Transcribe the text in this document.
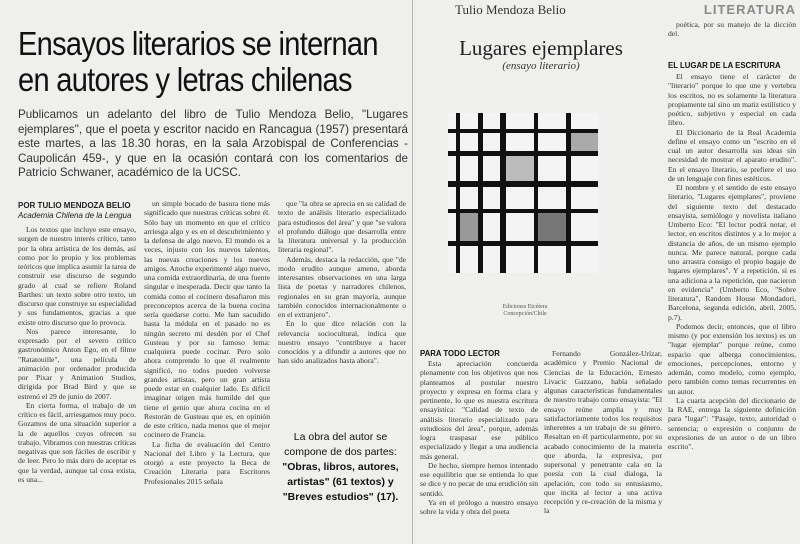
LITERATURA
Ensayos literarios se internan
en autores y letras chilenas
Publicamos un adelanto del libro de Tulio Mendoza Belio, "Lugares ejemplares", que el poeta y escritor nacido en Rancagua (1957) presentará este martes, a las 18.30 horas, en la sala Arzobispal de Conferencias -Caupolicán 459-, y que en la ocasión contará con los comentarios de Patricio Schwaner, académico de la UCSC.
POR TULIO MENDOZA BELIO
Academia Chilena de la Lengua

Los textos que incluye este ensayo, surgen de nuestro interés crítico, tanto por la obra artística de los demás, así como por lo propio y los problemas teóricos que implica asumir la tarea de construir ese discurso de segundo grado al cual se refiere Roland Barthes: un texto sobre otro texto, un discurso que construye su especialidad y sus fundamentos, gracias a que existe otro discurso que lo provoca.

Nos parece interesante, lo expresado por el severo crítico gastronómico Anton Ego, en el filme "Ratatouille", una película de animación por ordenador producida por Pixar y Animation Studios, dirigida por Brad Bird y que se estrenó el 29 de junio de 2007.

En cierta forma, el trabajo de un crítico es fácil, arriesgamos muy poco. Gozamos de una situación superior a la de aquellos cuyos ofrecen su trabajo. Vibramos con nuestras críticas negativas que son fáciles de escribir y de leer. Pero lo más duro de aceptar es que la verdad, aunque tal cosa exista, es una...

un simple bocado de basura tiene más significado que nuestras críticas sobre él. Sólo hay un momento en que el crítico arriesga algo y es en el descubrimiento y la defensa de algo nuevo. El mundo es a veces, injusto con los nuevos talentos, las nuevas creaciones y los nuevos amigos. Anoche experimenté algo nuevo, una comida extraordinaria, de una fuente singular e inesperada. Decir que tanto la comida como el cocinero desafiaron mis preconceptos acerca de la buena cocina sería quedarse corto. Me han sacudido hasta la médula en el pasado no es ningún secreto mi desdén por el Chef Gusteau y por su famoso lema: cualquiera puede cocinar. Pero solo ahora comprendo lo que él realmente significó, no todos pueden volverse grandes artistas, pero un gran artista puede estar en cualquier lado. Es difícil imaginar origen más humilde del que tiene el genio que ahora cocina en el Restorán de Gusteau que es, en opinión de este crítico, nada menos que el mejor cocinero de Francia.

La ficha de evaluación del Centro Nacional del Libro y la Lectura, que otorgó a este proyecto la Beca de Creación Literaria para Escritores Profesionales 2015 señala

que "la obra se aprecia en su calidad de texto de análisis literario especializado para estudiosos del área" y que "se valora el profundo diálogo que desarrolla entre la literatura universal y la producción literaria regional".

Además, destaca la redacción, que "de modo erudito aunque ameno, aborda interesantes observaciones en una larga lista de poetas y narradores chilenos, regionales en su gran mayoría, aunque también conocidos internacionalmente o en el extranjero".

En lo que dice relación con la relevancia sociocultural, indica que nuestro ensayo "contribuye a hacer conocidos y a difundir a autores que no han sido analizados hasta ahora".

La obra del autor se compone de dos partes:
"Obras, libros, autores, artistas" (61 textos) y "Breves estudios" (17).
Tulio Mendoza Belio
Lugares ejemplares
(ensayo literario)
Ediciones Etcétera
Concepción/Chile
PARA TODO LECTOR

Esta apreciación concuerda plenamente con los objetivos que nos planteamos al postular nuestro proyecto y expresa en forma clara y pertinente, lo que es nuestra escritura ensayística: "Calidad de texto de análisis literario especializado para estudiosos del área", porque, además logra traspasar ese público especializado y llegar a una audiencia más general.

De hecho, siempre hemos intentado ese equilibrio que se entienda lo que se dice y no pecar de una erudición sin sentido.

Ya en el prólogo a nuestro ensayo sobre la vida y obra del poeta

Fernando González-Urízar, académico y Premio Nacional de Ciencias de la Educación, Ernesto Livacic Gazzano, había señalado algunas características fundamentales de nuestro trabajo como ensayista: "El ensayo reúne amplia y muy satisfactoriamente todos los requisitos inherentes a un trabajo de su género. Resaltan en él particularmente, por su acabado conocimiento de la materia que aborda, la expresiva, por supersonal y penetrante cala en la poesía con la cual dialoga, la apelación, con todo su entusiasmo, que incita al lector a una activa recepción y re-creación de la misma y la

poética, por su manejo de la dicción del.

EL LUGAR DE LA ESCRITURA

El ensayo tiene el carácter de "literario" porque lo que une y vertebra los escritos, no es solamente la literatura propiamente tal sino un matiz estilístico y poético, subjetivo y especial en cada libro.

El Diccionario de la Real Academia define el ensayo como un "escrito en el cual un autor desarrolla sus ideas sin necesidad de mostrar el aparato erudito". En el ensayo literario, se prefiere el uso de un lenguaje con fines estéticos.

El nombre y el sentido de este ensayo literario, "Lugares ejemplares", proviene del siguiente texto del destacado ensayista, semiólogo y novelista italiano Umberto Eco: "El lector podrá notar, el lector, en escritos distintos y a lo mejor a distancia de años, de un mismo ejemplo nunca. Me parece natural, porque cada uno arrastra consigo el propio bagaje de lugares ejemplares". Y a repetición, si es una adiciona a la repetición, que nacieron en evidencia" (Umberto Eco, "Sobre literatura", Random House Mondadori, Barcelona, segunda edición, abril, 2005, p.7).

Podemos decir, entonces, que el libro mismo (y por extensión los textos) es un "lugar ejemplar" porque reúne, como espacio que alberga conocimientos, emociones, percepciones, entorno y ademán, como modelo, como ejemplo, pero también como temas recurrentes en un autor.

La cuarta acepción del diccionario de la RAE, entrega la siguiente definición para "lugar": "Pasaje, texto, autoridad o sentencia; o expresión o conjunto de expresiones de un autor o de un libro escrito".
